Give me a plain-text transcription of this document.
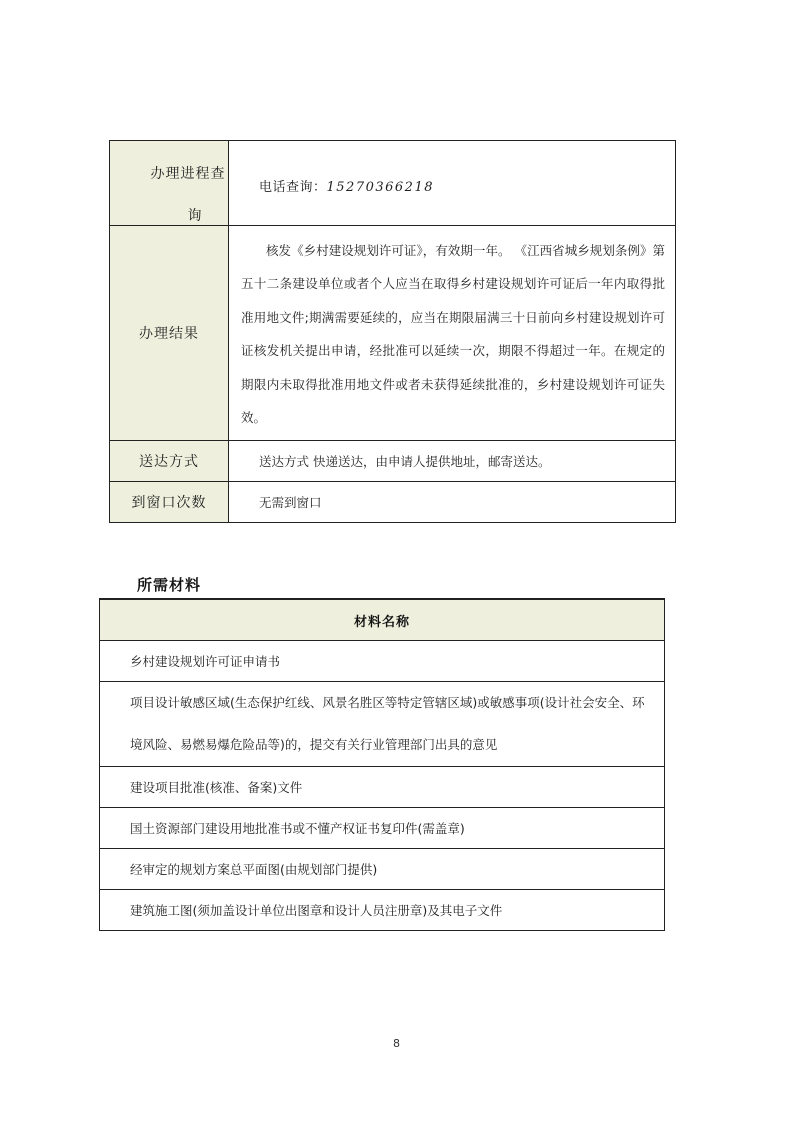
办理进程查
询	电话查询：15270366218

办理结果	核发《乡村建设规划许可证》，有效期一年。 《江西省城乡规划条例》第五十二条建设单位或者个人应当在取得乡村建设规划许可证后一年内取得批准用地文件;期满需要延续的，应当在期限届满三十日前向乡村建设规划许可证核发机关提出申请，经批准可以延续一次，期限不得超过一年。在规定的期限内未取得批准用地文件或者未获得延续批准的，乡村建设规划许可证失效。

送达方式	送达方式 快递送达，由申请人提供地址，邮寄送达。

到窗口次数	无需到窗口
所需材料
材料名称
乡村建设规划许可证申请书

项目设计敏感区域(生态保护红线、风景名胜区等特定管辖区域)或敏感事项(设计社会安全、环境风险、易燃易爆危险品等)的，提交有关行业管理部门出具的意见

建设项目批准(核准、备案)文件
国土资源部门建设用地批准书或不懂产权证书复印件(需盖章)
经审定的规划方案总平面图(由规划部门提供)
建筑施工图(须加盖设计单位出图章和设计人员注册章)及其电子文件
8
